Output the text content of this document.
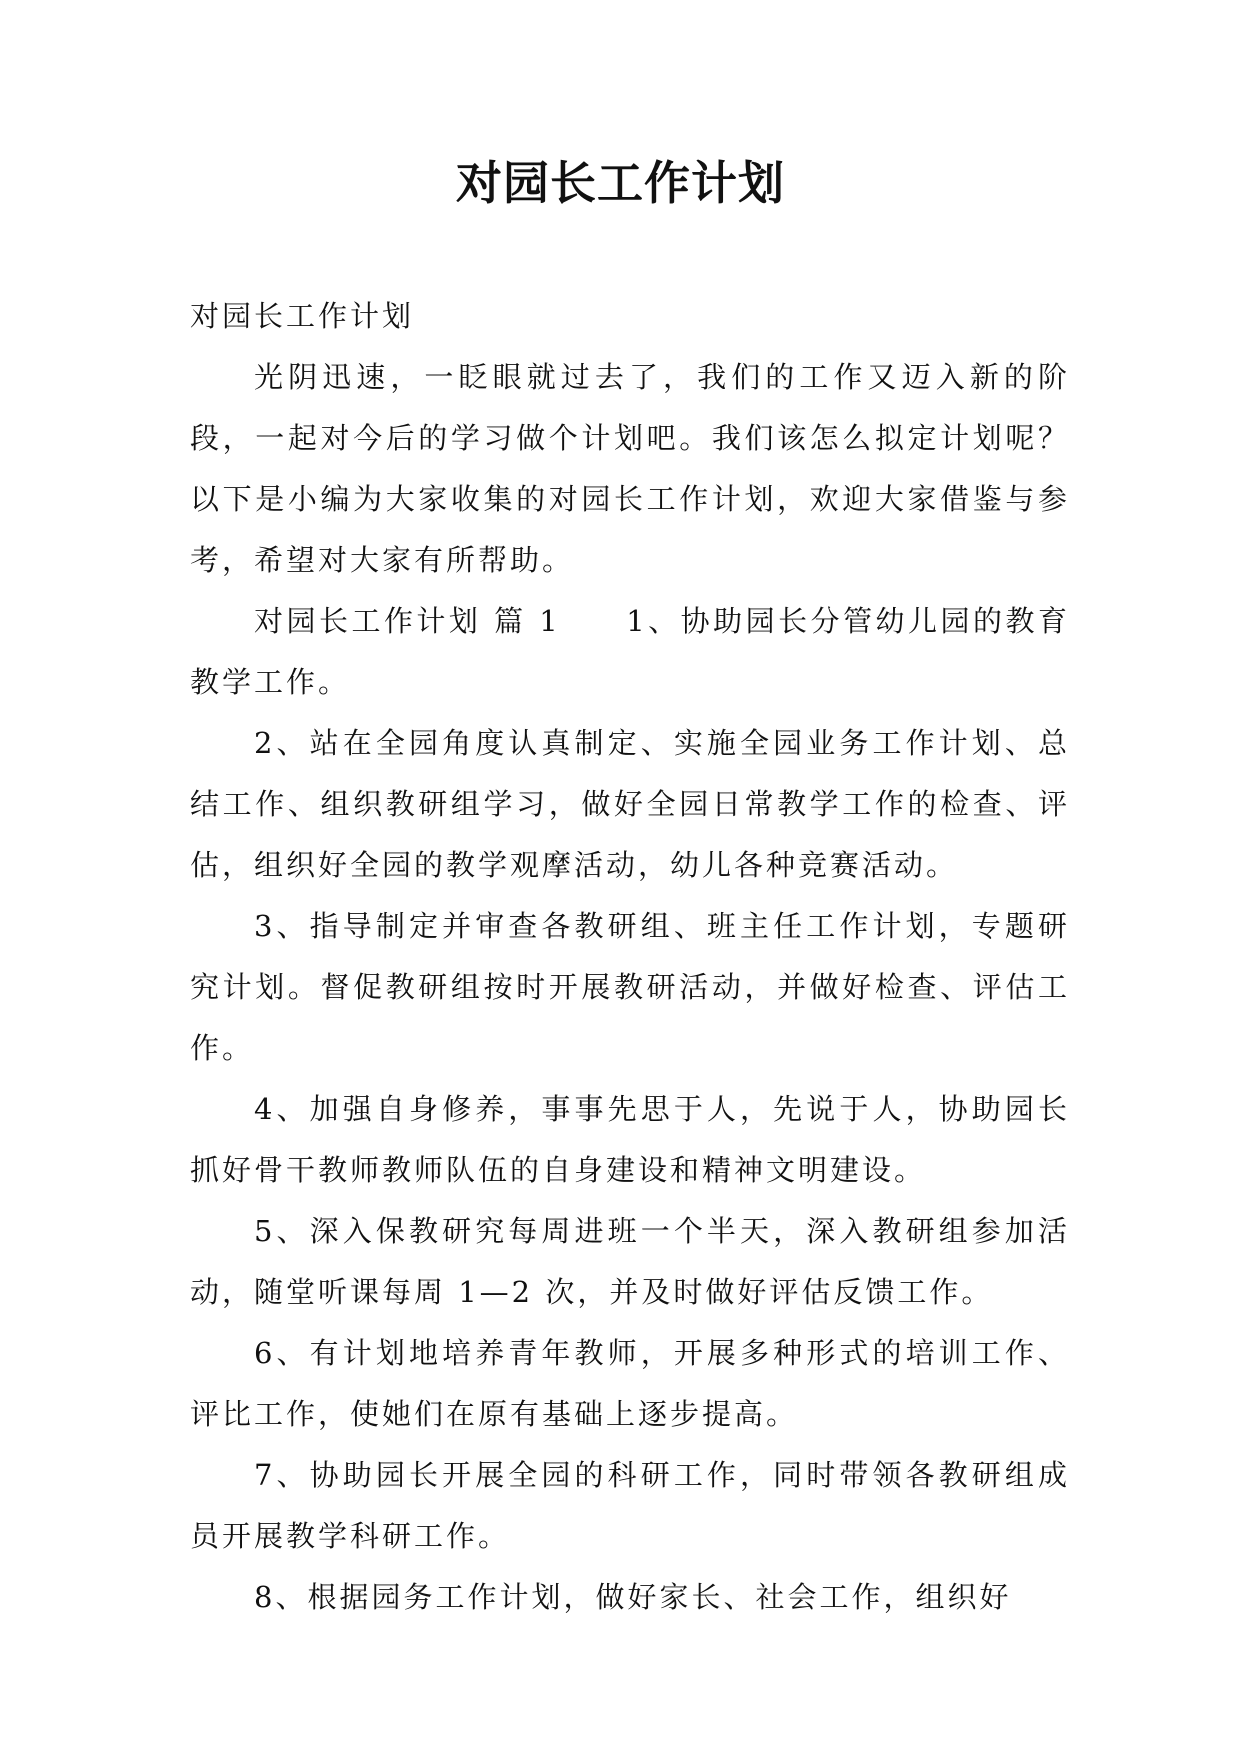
对园长工作计划

对园长工作计划

光阴迅速，一眨眼就过去了，我们的工作又迈入新的阶段，一起对今后的学习做个计划吧。我们该怎么拟定计划呢？以下是小编为大家收集的对园长工作计划，欢迎大家借鉴与参考，希望对大家有所帮助。

对园长工作计划 篇 1　　1、协助园长分管幼儿园的教育教学工作。

2、站在全园角度认真制定、实施全园业务工作计划、总结工作、组织教研组学习，做好全园日常教学工作的检查、评估，组织好全园的教学观摩活动，幼儿各种竞赛活动。

3、指导制定并审查各教研组、班主任工作计划，专题研究计划。督促教研组按时开展教研活动，并做好检查、评估工作。

4、加强自身修养，事事先思于人，先说于人，协助园长抓好骨干教师教师队伍的自身建设和精神文明建设。

5、深入保教研究每周进班一个半天，深入教研组参加活动，随堂听课每周 1—2 次，并及时做好评估反馈工作。

6、有计划地培养青年教师，开展多种形式的培训工作、评比工作，使她们在原有基础上逐步提高。

7、协助园长开展全园的科研工作，同时带领各教研组成员开展教学科研工作。

8、根据园务工作计划，做好家长、社会工作，组织好
